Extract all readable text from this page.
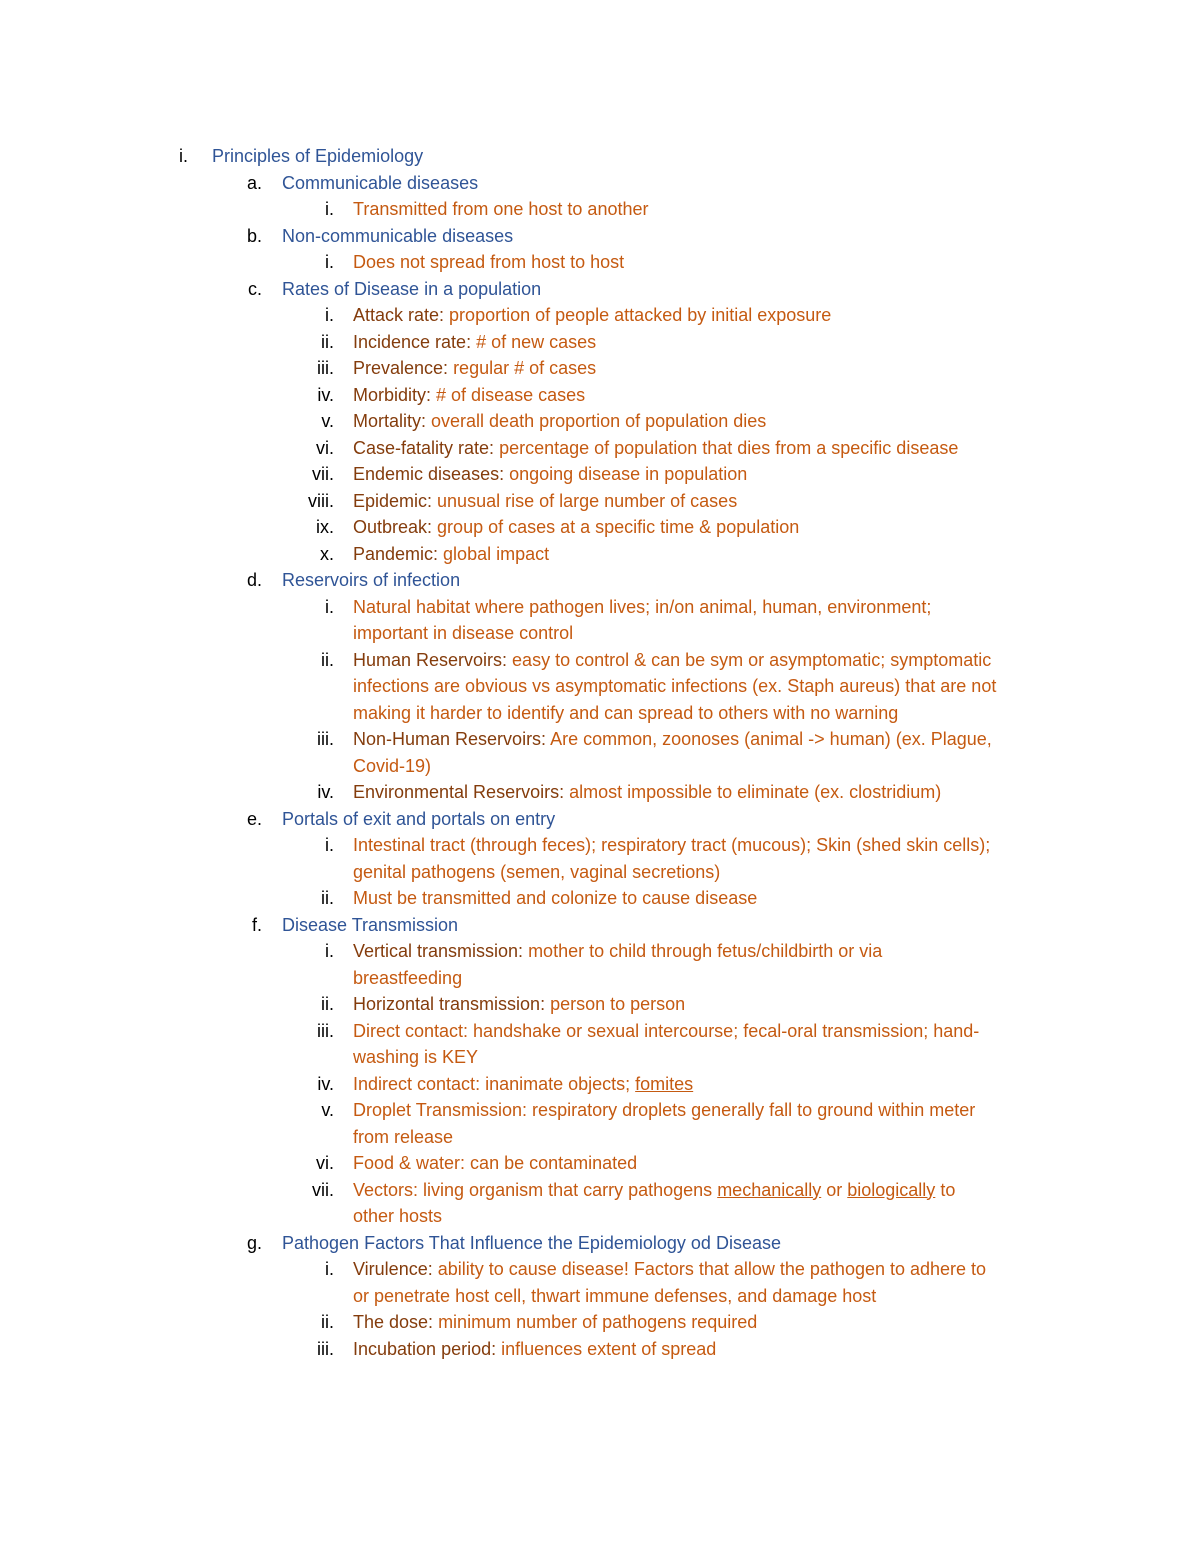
i. Principles of Epidemiology
a. Communicable diseases
i. Transmitted from one host to another
b. Non-communicable diseases
i. Does not spread from host to host
c. Rates of Disease in a population
i. Attack rate: proportion of people attacked by initial exposure
ii. Incidence rate: # of new cases
iii. Prevalence: regular # of cases
iv. Morbidity: # of disease cases
v. Mortality: overall death proportion of population dies
vi. Case-fatality rate: percentage of population that dies from a specific disease
vii. Endemic diseases: ongoing disease in population
viii. Epidemic: unusual rise of large number of cases
ix. Outbreak: group of cases at a specific time & population
x. Pandemic: global impact
d. Reservoirs of infection
i. Natural habitat where pathogen lives; in/on animal, human, environment;
important in disease control
ii. Human Reservoirs: easy to control & can be sym or asymptomatic; symptomatic
infections are obvious vs asymptomatic infections (ex. Staph aureus) that are not
making it harder to identify and can spread to others with no warning
iii. Non-Human Reservoirs: Are common, zoonoses (animal -> human) (ex. Plague,
Covid-19)
iv. Environmental Reservoirs: almost impossible to eliminate (ex. clostridium)
e. Portals of exit and portals on entry
i. Intestinal tract (through feces); respiratory tract (mucous); Skin (shed skin cells);
genital pathogens (semen, vaginal secretions)
ii. Must be transmitted and colonize to cause disease
f. Disease Transmission
i. Vertical transmission: mother to child through fetus/childbirth or via
breastfeeding
ii. Horizontal transmission: person to person
iii. Direct contact: handshake or sexual intercourse; fecal-oral transmission; hand-
washing is KEY
iv. Indirect contact: inanimate objects; fomites
v. Droplet Transmission: respiratory droplets generally fall to ground within meter
from release
vi. Food & water: can be contaminated
vii. Vectors: living organism that carry pathogens mechanically or biologically to
other hosts
g. Pathogen Factors That Influence the Epidemiology od Disease
i. Virulence: ability to cause disease! Factors that allow the pathogen to adhere to
or penetrate host cell, thwart immune defenses, and damage host
ii. The dose: minimum number of pathogens required
iii. Incubation period: influences extent of spread
